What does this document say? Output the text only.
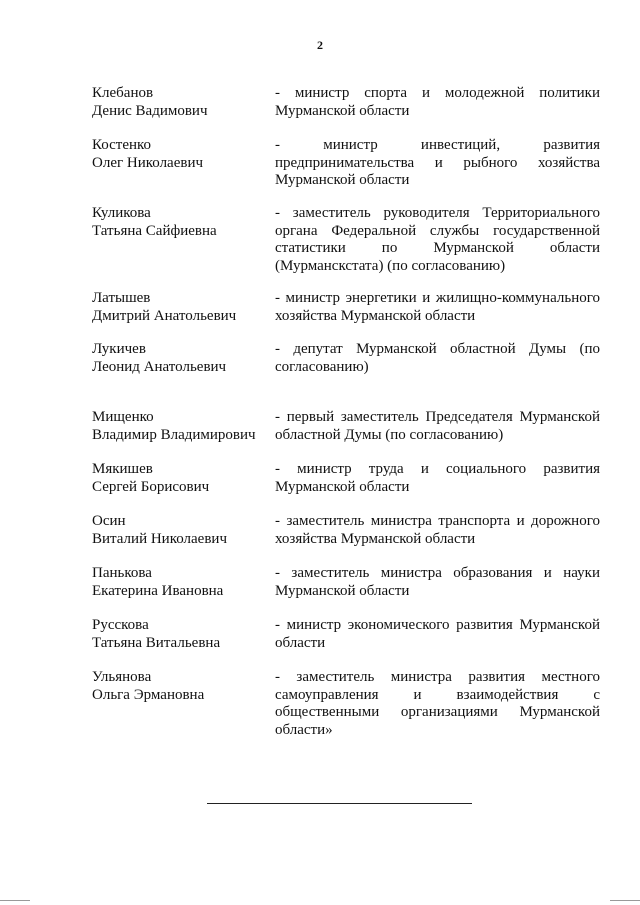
2
Клебанов
Денис Вадимович
- министр спорта и молодежной политики
Мурманской области
Костенко
Олег Николаевич
- министр инвестиций, развития
предпринимательства и рыбного хозяйства
Мурманской области
Куликова
Татьяна Сайфиевна
- заместитель руководителя Территориального
органа Федеральной службы государственной
статистики по Мурманской области
(Мурманскстата) (по согласованию)
Латышев
Дмитрий Анатольевич
- министр энергетики и жилищно-коммунального
хозяйства Мурманской области
Лукичев
Леонид Анатольевич
- депутат Мурманской областной Думы (по
согласованию)
Мищенко
Владимир Владимирович
- первый заместитель Председателя Мурманской
областной Думы (по согласованию)
Мякишев
Сергей Борисович
- министр труда и социального развития
Мурманской области
Осин
Виталий Николаевич
- заместитель министра транспорта и дорожного
хозяйства Мурманской области
Панькова
Екатерина Ивановна
- заместитель министра образования и науки
Мурманской области
Русскова
Татьяна Витальевна
- министр экономического развития Мурманской
области
Ульянова
Ольга Эрмановна
- заместитель министра развития местного
самоуправления и взаимодействия с
общественными организациями Мурманской
области»
